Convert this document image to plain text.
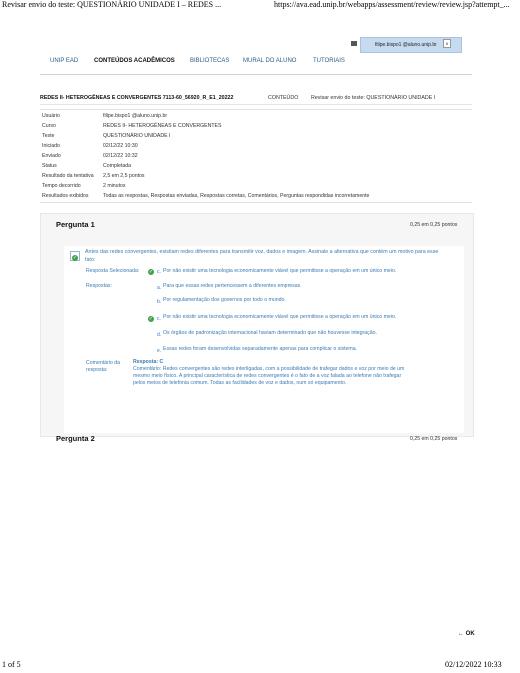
Revisar envio do teste: QUESTIONÁRIO UNIDADE I – REDES ...	https://ava.ead.unip.br/webapps/assessment/review/review.jsp?attempt_...
1 of 5	02/12/2022 10:33
filipe.bispo1 @aluno.unip.br	6
UNIP EAD	CONTEÚDOS ACADÊMICOS	BIBLIOTECAS MURAL DO ALUNO	TUTORIAIS
REDES II- HETEROGÊNEAS E CONVERGENTES 7113-60_56920_R_E1_20222	CONTEÚDO Revisar envio do teste: QUESTIONÁRIO UNIDADE I
Usuário	filipe.bispo1 @aluno.unip.br
Curso	REDES II- HETEROGÊNEAS E CONVERGENTES
Teste	QUESTIONÁRIO UNIDADE I
Iniciado	02/12/22 10:30
Enviado	02/12/22 10:32
Status	Completada
Resultado da tentativa 2,5 em 2,5 pontos
Tempo decorrido	2 minutos
Resultados exibidos	Todas as respostas, Respostas enviadas, Respostas corretas, Comentários, Perguntas respondidas incorretamente
Pergunta 1	0,25 em 0,25 pontos
✓
Antes das redes convergentes, existiam redes diferentes para transmitir voz, dados e imagem. Assinale a alternativa que contém um motivo para esse fato:
Resposta Selecionada: ✓ c. Por não existir uma tecnologia economicamente viável que permitisse a operação em um único meio.
Respostas:	a. Para que essas redes pertencessem a diferentes empresas.
b. Por regulamentação dos governos por todo o mundo.
✓ c. Por não existir uma tecnologia economicamente viável que permitisse a operação em um único meio.
d. Os órgãos de padronização internacional haviam determinado que não houvesse integração.
e. Essas redes foram desenvolvidas separadamente apenas para complicar o sistema.
Comentário da
resposta:
Resposta: C
Comentário: Redes convergentes são redes interligadas, com a possibilidade de trafegar dados e voz por meio de um
mesmo meio físico. A principal característica de redes convergentes é o fato de a voz falada ao telefone não trafegar
pelos meios de telefonia comum. Todas as facilidades de voz e dados, num só equipamento.
Pergunta 2	0,25 em 0,25 pontos
← OK
